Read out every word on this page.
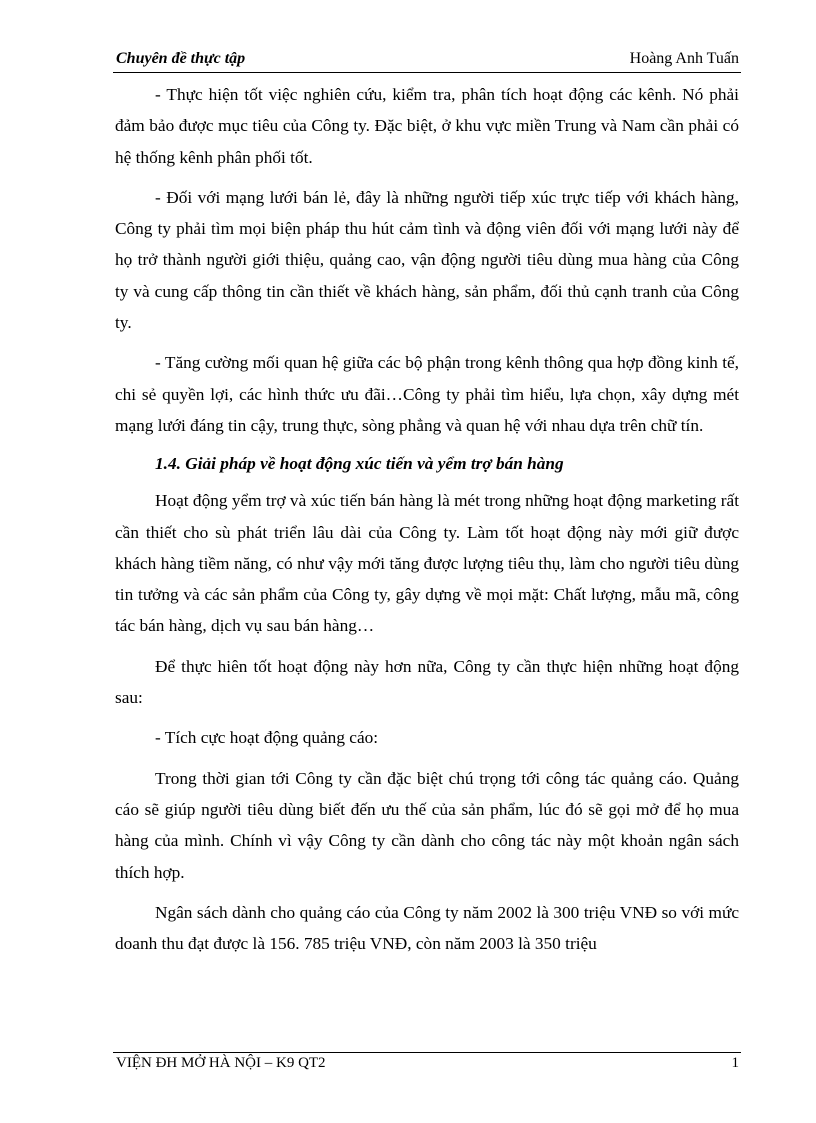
Chuyên đề thực tập	Hoàng Anh Tuấn

- Thực hiện tốt việc nghiên cứu, kiểm tra, phân tích hoạt động các kênh. Nó phải đảm bảo được mục tiêu của Công ty. Đặc biệt, ở khu vực miền Trung và Nam cần phải có hệ thống kênh phân phối tốt.

- Đối với mạng lưới bán lẻ, đây là những người tiếp xúc trực tiếp với khách hàng, Công ty phải tìm mọi biện pháp thu hút cảm tình và động viên đối với mạng lưới này để họ trở thành người giới thiệu, quảng cao, vận động người tiêu dùng mua hàng của Công ty và cung cấp thông tin cần thiết về khách hàng, sản phẩm, đối thủ cạnh tranh của Công ty.

- Tăng cường mối quan hệ giữa các bộ phận trong kênh thông qua hợp đồng kinh tế, chi sẻ quyền lợi, các hình thức ưu đãi…Công ty phải tìm hiểu, lựa chọn, xây dựng mét mạng lưới đáng tin cậy, trung thực, sòng phẳng và quan hệ với nhau dựa trên chữ tín.

1.4. Giải pháp về hoạt động xúc tiến và yểm trợ bán hàng

Hoạt động yểm trợ và xúc tiến bán hàng là mét trong những hoạt động marketing rất cần thiết cho sù phát triển lâu dài của Công ty. Làm tốt hoạt động này mới giữ được khách hàng tiềm năng, có như vậy mới tăng được lượng tiêu thụ, làm cho người tiêu dùng tin tưởng và các sản phẩm của Công ty, gây dựng về mọi mặt: Chất lượng, mẫu mã, công tác bán hàng, dịch vụ sau bán hàng…

Để thực hiên tốt hoạt động này hơn nữa, Công ty cần thực hiện những hoạt động sau:

- Tích cực hoạt động quảng cáo:

Trong thời gian tới Công ty cần đặc biệt chú trọng tới công tác quảng cáo. Quảng cáo sẽ giúp người tiêu dùng biết đến ưu thế của sản phẩm, lúc đó sẽ gọi mở để họ mua hàng của mình. Chính vì vậy Công ty cần dành cho công tác này một khoản ngân sách thích hợp.

Ngân sách dành cho quảng cáo của Công ty năm 2002 là 300 triệu VNĐ so với mức doanh thu đạt được là 156. 785 triệu VNĐ, còn năm 2003 là 350 triệu

VIỆN ĐH MỞ HÀ NỘI – K9 QT2	1
